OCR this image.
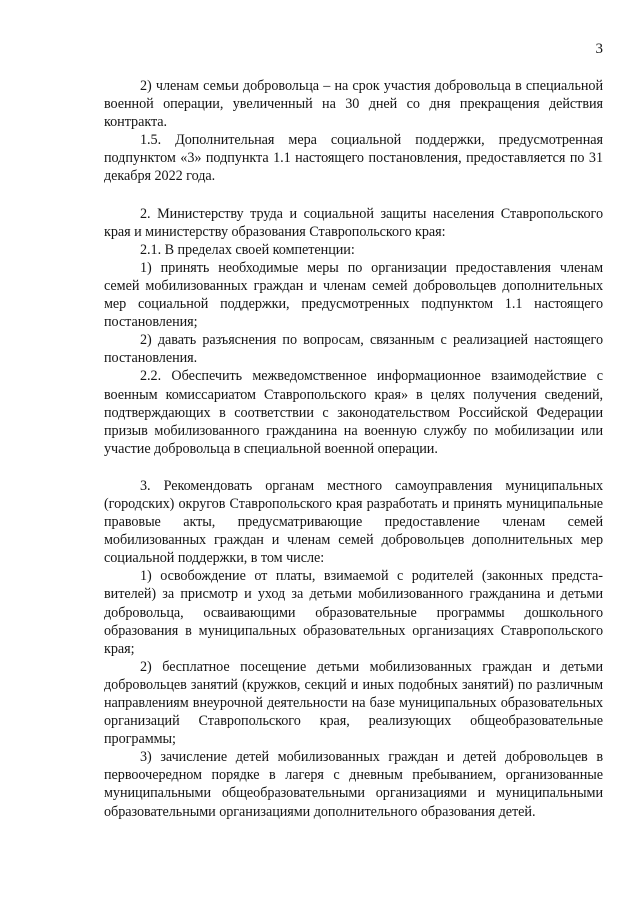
3

2) членам семьи добровольца – на срок участия добровольца в специальной военной операции, увеличенный на 30 дней со дня прекращения действия контракта.

1.5. Дополнительная мера социальной поддержки, предусмотренная подпунктом «3» подпункта 1.1 настоящего постановления, предоставляется по 31 декабря 2022 года.

2. Министерству труда и социальной защиты населения Ставропольского края и министерству образования Ставропольского края:

2.1. В пределах своей компетенции:

1) принять необходимые меры по организации предоставления членам семей мобилизованных граждан и членам семей добровольцев дополнительных мер социальной поддержки, предусмотренных подпунктом 1.1 настоящего постановления;

2) давать разъяснения по вопросам, связанным с реализацией настоящего постановления.

2.2. Обеспечить межведомственное информационное взаимодействие с военным комиссариатом Ставропольского края» в целях получения сведений, подтверждающих в соответствии с законодательством Российской Федерации призыв мобилизованного гражданина на военную службу по мобилизации или участие добровольца в специальной военной операции.

3. Рекомендовать органам местного самоуправления муниципальных (городских) округов Ставропольского края разработать и принять муниципальные правовые акты, предусматривающие предоставление членам семей мобилизованных граждан и членам семей добровольцев дополнительных мер социальной поддержки, в том числе:

1) освобождение от платы, взимаемой с родителей (законных представителей) за присмотр и уход за детьми мобилизованного гражданина и детьми добровольца, осваивающими образовательные программы дошкольного образования в муниципальных образовательных организациях Ставропольского края;

2) бесплатное посещение детьми мобилизованных граждан и детьми добровольцев занятий (кружков, секций и иных подобных занятий) по различным направлениям внеурочной деятельности на базе муниципальных образовательных организаций Ставропольского края, реализующих общеобразовательные программы;

3) зачисление детей мобилизованных граждан и детей добровольцев в первоочередном порядке в лагеря с дневным пребыванием, организованные муниципальными общеобразовательными организациями и муниципальными образовательными организациями дополнительного образования детей.
